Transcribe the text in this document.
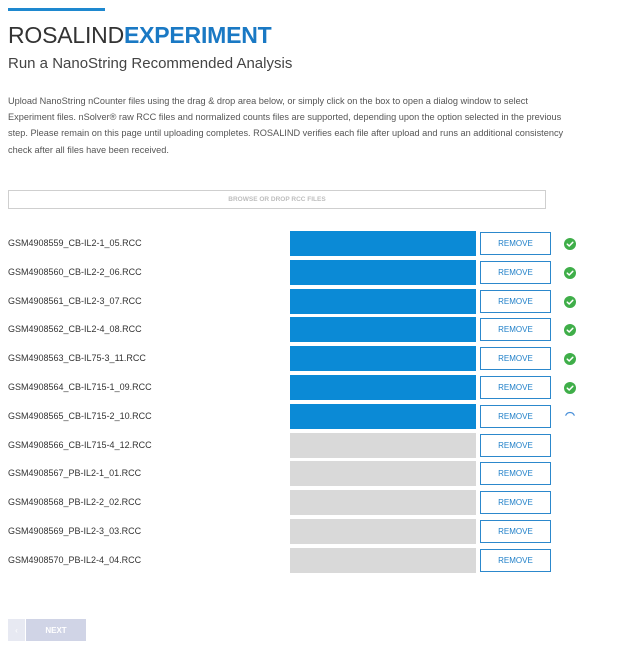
ROSALINDEXPERIMENT
Run a NanoString Recommended Analysis

Upload NanoString nCounter files using the drag & drop area below, or simply click on the box to open a dialog window to select Experiment files. nSolver® raw RCC files and normalized counts files are supported, depending upon the option selected in the previous step. Please remain on this page until uploading completes. ROSALIND verifies each file after upload and runs an additional consistency check after all files have been received.

BROWSE OR DROP RCC FILES
GSM4908559_CB-IL2-1_05.RCC	REMOVE
GSM4908560_CB-IL2-2_06.RCC	REMOVE
GSM4908561_CB-IL2-3_07.RCC	REMOVE
GSM4908562_CB-IL2-4_08.RCC	REMOVE
GSM4908563_CB-IL75-3_11.RCC	REMOVE
GSM4908564_CB-IL715-1_09.RCC	REMOVE
GSM4908565_CB-IL715-2_10.RCC	REMOVE
GSM4908566_CB-IL715-4_12.RCC	REMOVE
GSM4908567_PB-IL2-1_01.RCC	REMOVE
GSM4908568_PB-IL2-2_02.RCC	REMOVE
GSM4908569_PB-IL2-3_03.RCC	REMOVE
GSM4908570_PB-IL2-4_04.RCC	REMOVE
‹	NEXT
